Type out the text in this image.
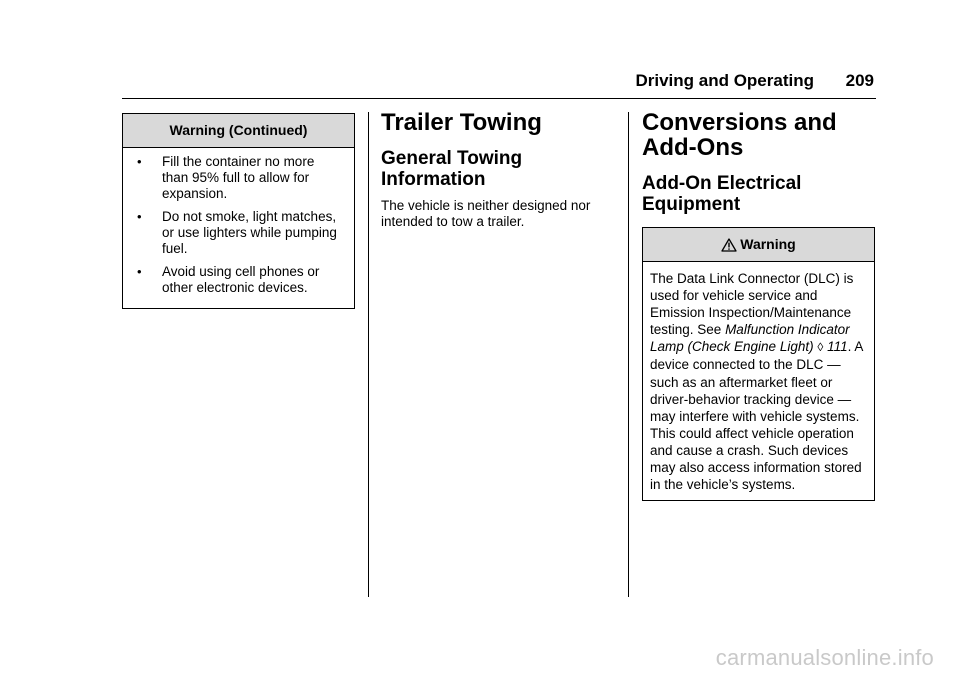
Driving and Operating 209
Warning (Continued)
• Fill the container no more than 95% full to allow for expansion.
• Do not smoke, light matches, or use lighters while pumping fuel.
• Avoid using cell phones or other electronic devices.
Trailer Towing
General Towing Information

The vehicle is neither designed nor intended to tow a trailer.

Conversions and Add-Ons
Add-On Electrical Equipment
Warning
The Data Link Connector (DLC) is used for vehicle service and Emission Inspection/Maintenance testing. See Malfunction Indicator Lamp (Check Engine Light) ◊ 111. A device connected to the DLC — such as an aftermarket fleet or driver-behavior tracking device — may interfere with vehicle systems. This could affect vehicle operation and cause a crash. Such devices may also access information stored in the vehicle’s systems.
carmanualsonline.info
